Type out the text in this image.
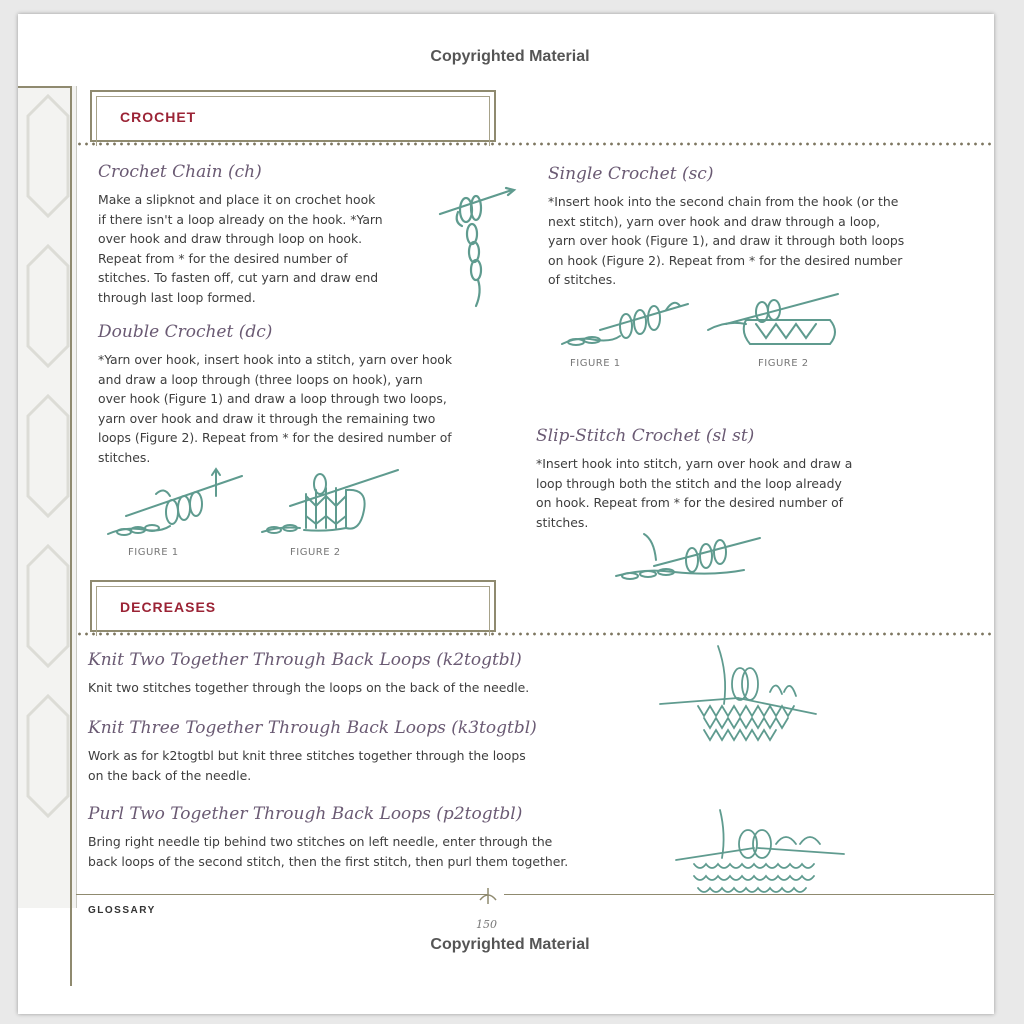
Copyrighted Material
CROCHET
Crochet Chain (ch)
Make a slipknot and place it on crochet hook
if there isn't a loop already on the hook. *Yarn
over hook and draw through loop on hook.
Repeat from * for the desired number of
stitches. To fasten off, cut yarn and draw end
through last loop formed.
Double Crochet (dc)
*Yarn over hook, insert hook into a stitch, yarn over hook
and draw a loop through (three loops on hook), yarn
over hook (Figure 1) and draw a loop through two loops,
yarn over hook and draw it through the remaining two
loops (Figure 2). Repeat from * for the desired number of
stitches.
FIGURE 1	FIGURE 2
Single Crochet (sc)
*Insert hook into the second chain from the hook (or the
next stitch), yarn over hook and draw through a loop,
yarn over hook (Figure 1), and draw it through both loops
on hook (Figure 2). Repeat from * for the desired number
of stitches.
FIGURE 1	FIGURE 2
Slip-Stitch Crochet (sl st)
*Insert hook into stitch, yarn over hook and draw a
loop through both the stitch and the loop already
on hook. Repeat from * for the desired number of
stitches.
DECREASES
Knit Two Together Through Back Loops (k2togtbl)
Knit two stitches together through the loops on the back of the needle.
Knit Three Together Through Back Loops (k3togtbl)
Work as for k2togtbl but knit three stitches together through the loops
on the back of the needle.
Purl Two Together Through Back Loops (p2togtbl)
Bring right needle tip behind two stitches on left needle, enter through the
back loops of the second stitch, then the first stitch, then purl them together.
GLOSSARY
150
Copyrighted Material
